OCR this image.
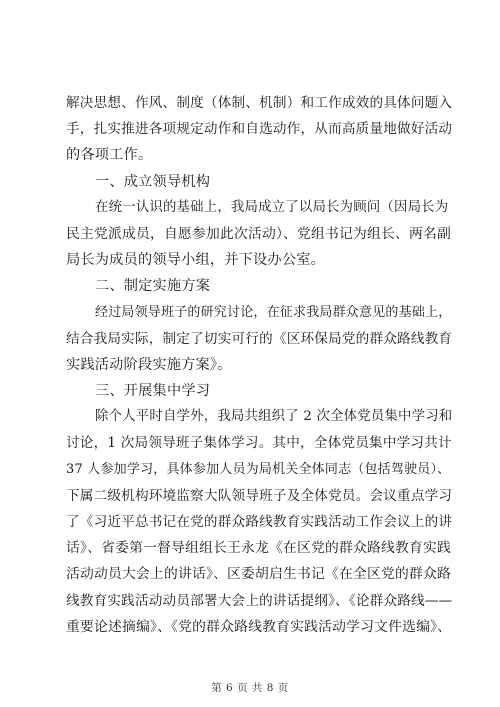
解决思想、作风、制度（体制、机制）和工作成效的具体问题入
手，扎实推进各项规定动作和自选动作，从而高质量地做好活动
的各项工作。
一、成立领导机构
在统一认识的基础上，我局成立了以局长为顾问（因局长为
民主党派成员，自愿参加此次活动）、党组书记为组长、两名副
局长为成员的领导小组，并下设办公室。
二、制定实施方案
经过局领导班子的研究讨论，在征求我局群众意见的基础上，
结合我局实际，制定了切实可行的《区环保局党的群众路线教育
实践活动阶段实施方案》。
三、开展集中学习
除个人平时自学外，我局共组织了 2 次全体党员集中学习和
讨论，1 次局领导班子集体学习。其中，全体党员集中学习共计
37 人参加学习，具体参加人员为局机关全体同志（包括驾驶员）、
下属二级机构环境监察大队领导班子及全体党员。会议重点学习
了《习近平总书记在党的群众路线教育实践活动工作会议上的讲
话》、省委第一督导组组长王永龙《在区党的群众路线教育实践
活动动员大会上的讲话》、区委胡启生书记《在全区党的群众路
线教育实践活动动员部署大会上的讲话提纲》、《论群众路线——
重要论述摘编》、《党的群众路线教育实践活动学习文件选编》、
第 6 页 共 8 页
